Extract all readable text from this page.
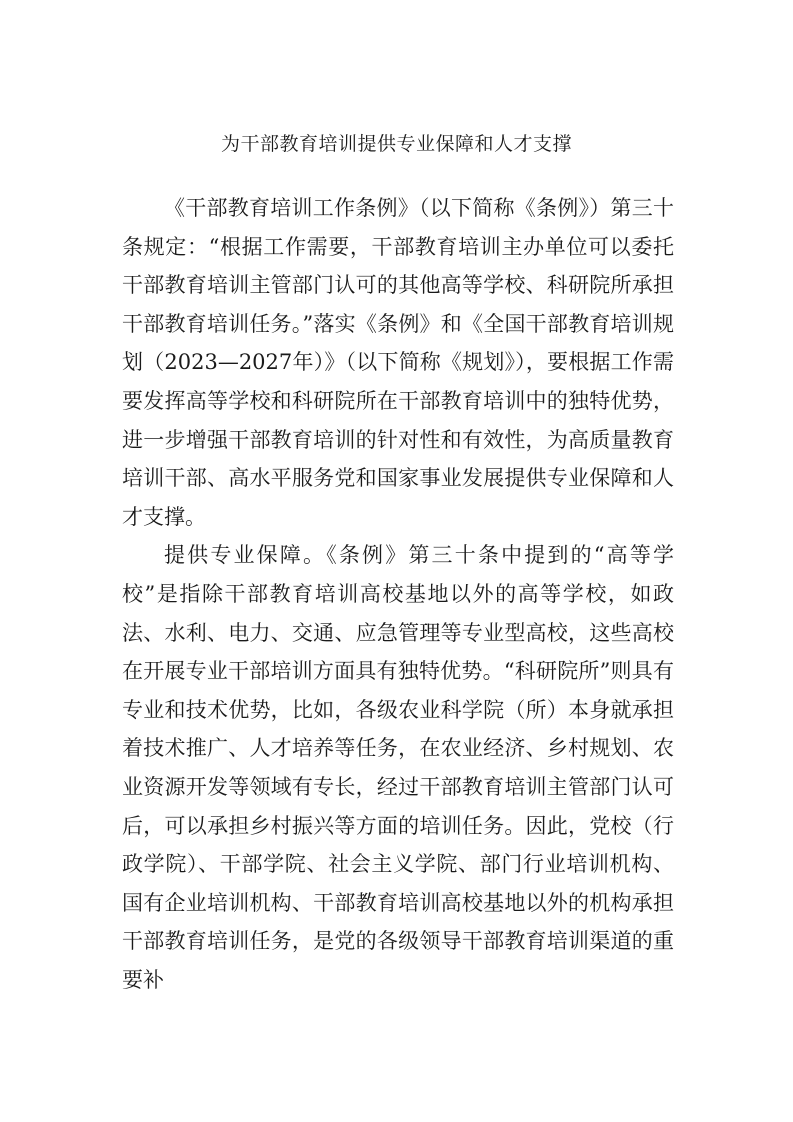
为干部教育培训提供专业保障和人才支撑

《干部教育培训工作条例》（以下简称《条例》）第三十条规定：“根据工作需要，干部教育培训主办单位可以委托干部教育培训主管部门认可的其他高等学校、科研院所承担干部教育培训任务。”落实《条例》和《全国干部教育培训规划（2023—2027年）》（以下简称《规划》），要根据工作需要发挥高等学校和科研院所在干部教育培训中的独特优势，进一步增强干部教育培训的针对性和有效性，为高质量教育培训干部、高水平服务党和国家事业发展提供专业保障和人才支撑。

提供专业保障。《条例》第三十条中提到的“高等学校”是指除干部教育培训高校基地以外的高等学校，如政法、水利、电力、交通、应急管理等专业型高校，这些高校在开展专业干部培训方面具有独特优势。“科研院所”则具有专业和技术优势，比如，各级农业科学院（所）本身就承担着技术推广、人才培养等任务，在农业经济、乡村规划、农业资源开发等领域有专长，经过干部教育培训主管部门认可后，可以承担乡村振兴等方面的培训任务。因此，党校（行政学院）、干部学院、社会主义学院、部门行业培训机构、国有企业培训机构、干部教育培训高校基地以外的机构承担干部教育培训任务，是党的各级领导干部教育培训渠道的重要补
